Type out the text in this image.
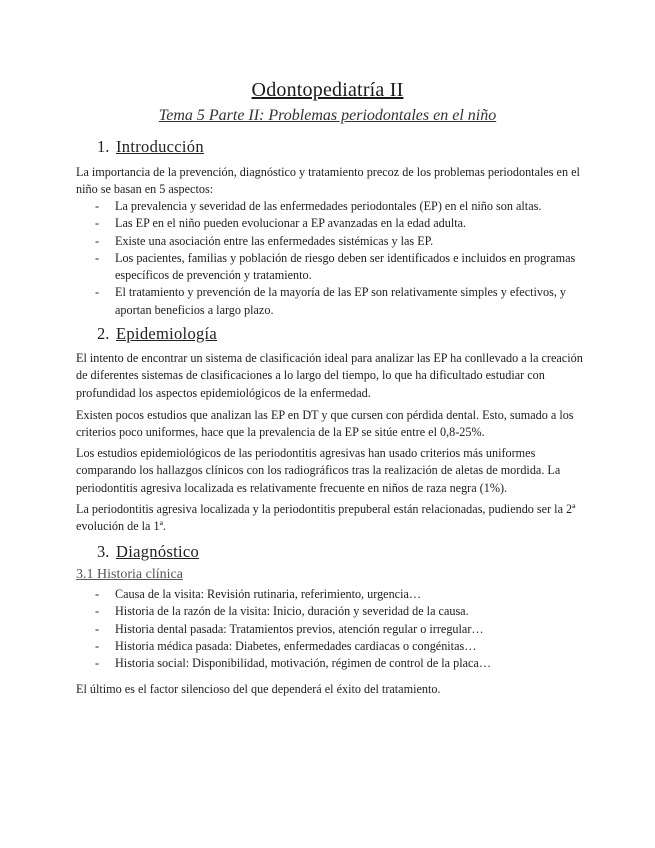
Odontopediatría II
Tema 5 Parte II: Problemas periodontales en el niño
1. Introducción
La importancia de la prevención, diagnóstico y tratamiento precoz de los problemas periodontales en el niño se basan en 5 aspectos:
- La prevalencia y severidad de las enfermedades periodontales (EP) en el niño son altas.
- Las EP en el niño pueden evolucionar a EP avanzadas en la edad adulta.
- Existe una asociación entre las enfermedades sistémicas y las EP.
- Los pacientes, familias y población de riesgo deben ser identificados e incluidos en programas específicos de prevención y tratamiento.
- El tratamiento y prevención de la mayoría de las EP son relativamente simples y efectivos, y aportan beneficios a largo plazo.
2. Epidemiología
El intento de encontrar un sistema de clasificación ideal para analizar las EP ha conllevado a la creación de diferentes sistemas de clasificaciones a lo largo del tiempo, lo que ha dificultado estudiar con profundidad los aspectos epidemiológicos de la enfermedad.
Existen pocos estudios que analizan las EP en DT y que cursen con pérdida dental. Esto, sumado a los criterios poco uniformes, hace que la prevalencia de la EP se sitúe entre el 0,8-25%.
Los estudios epidemiológicos de las periodontitis agresivas han usado criterios más uniformes comparando los hallazgos clínicos con los radiográficos tras la realización de aletas de mordida. La periodontitis agresiva localizada es relativamente frecuente en niños de raza negra (1%).
La periodontitis agresiva localizada y la periodontitis prepuberal están relacionadas, pudiendo ser la 2ª evolución de la 1ª.
3. Diagnóstico
3.1 Historia clínica
- Causa de la visita: Revisión rutinaria, referimiento, urgencia…
- Historia de la razón de la visita: Inicio, duración y severidad de la causa.
- Historia dental pasada: Tratamientos previos, atención regular o irregular…
- Historia médica pasada: Diabetes, enfermedades cardiacas o congénitas…
- Historia social: Disponibilidad, motivación, régimen de control de la placa…
El último es el factor silencioso del que dependerá el éxito del tratamiento.
